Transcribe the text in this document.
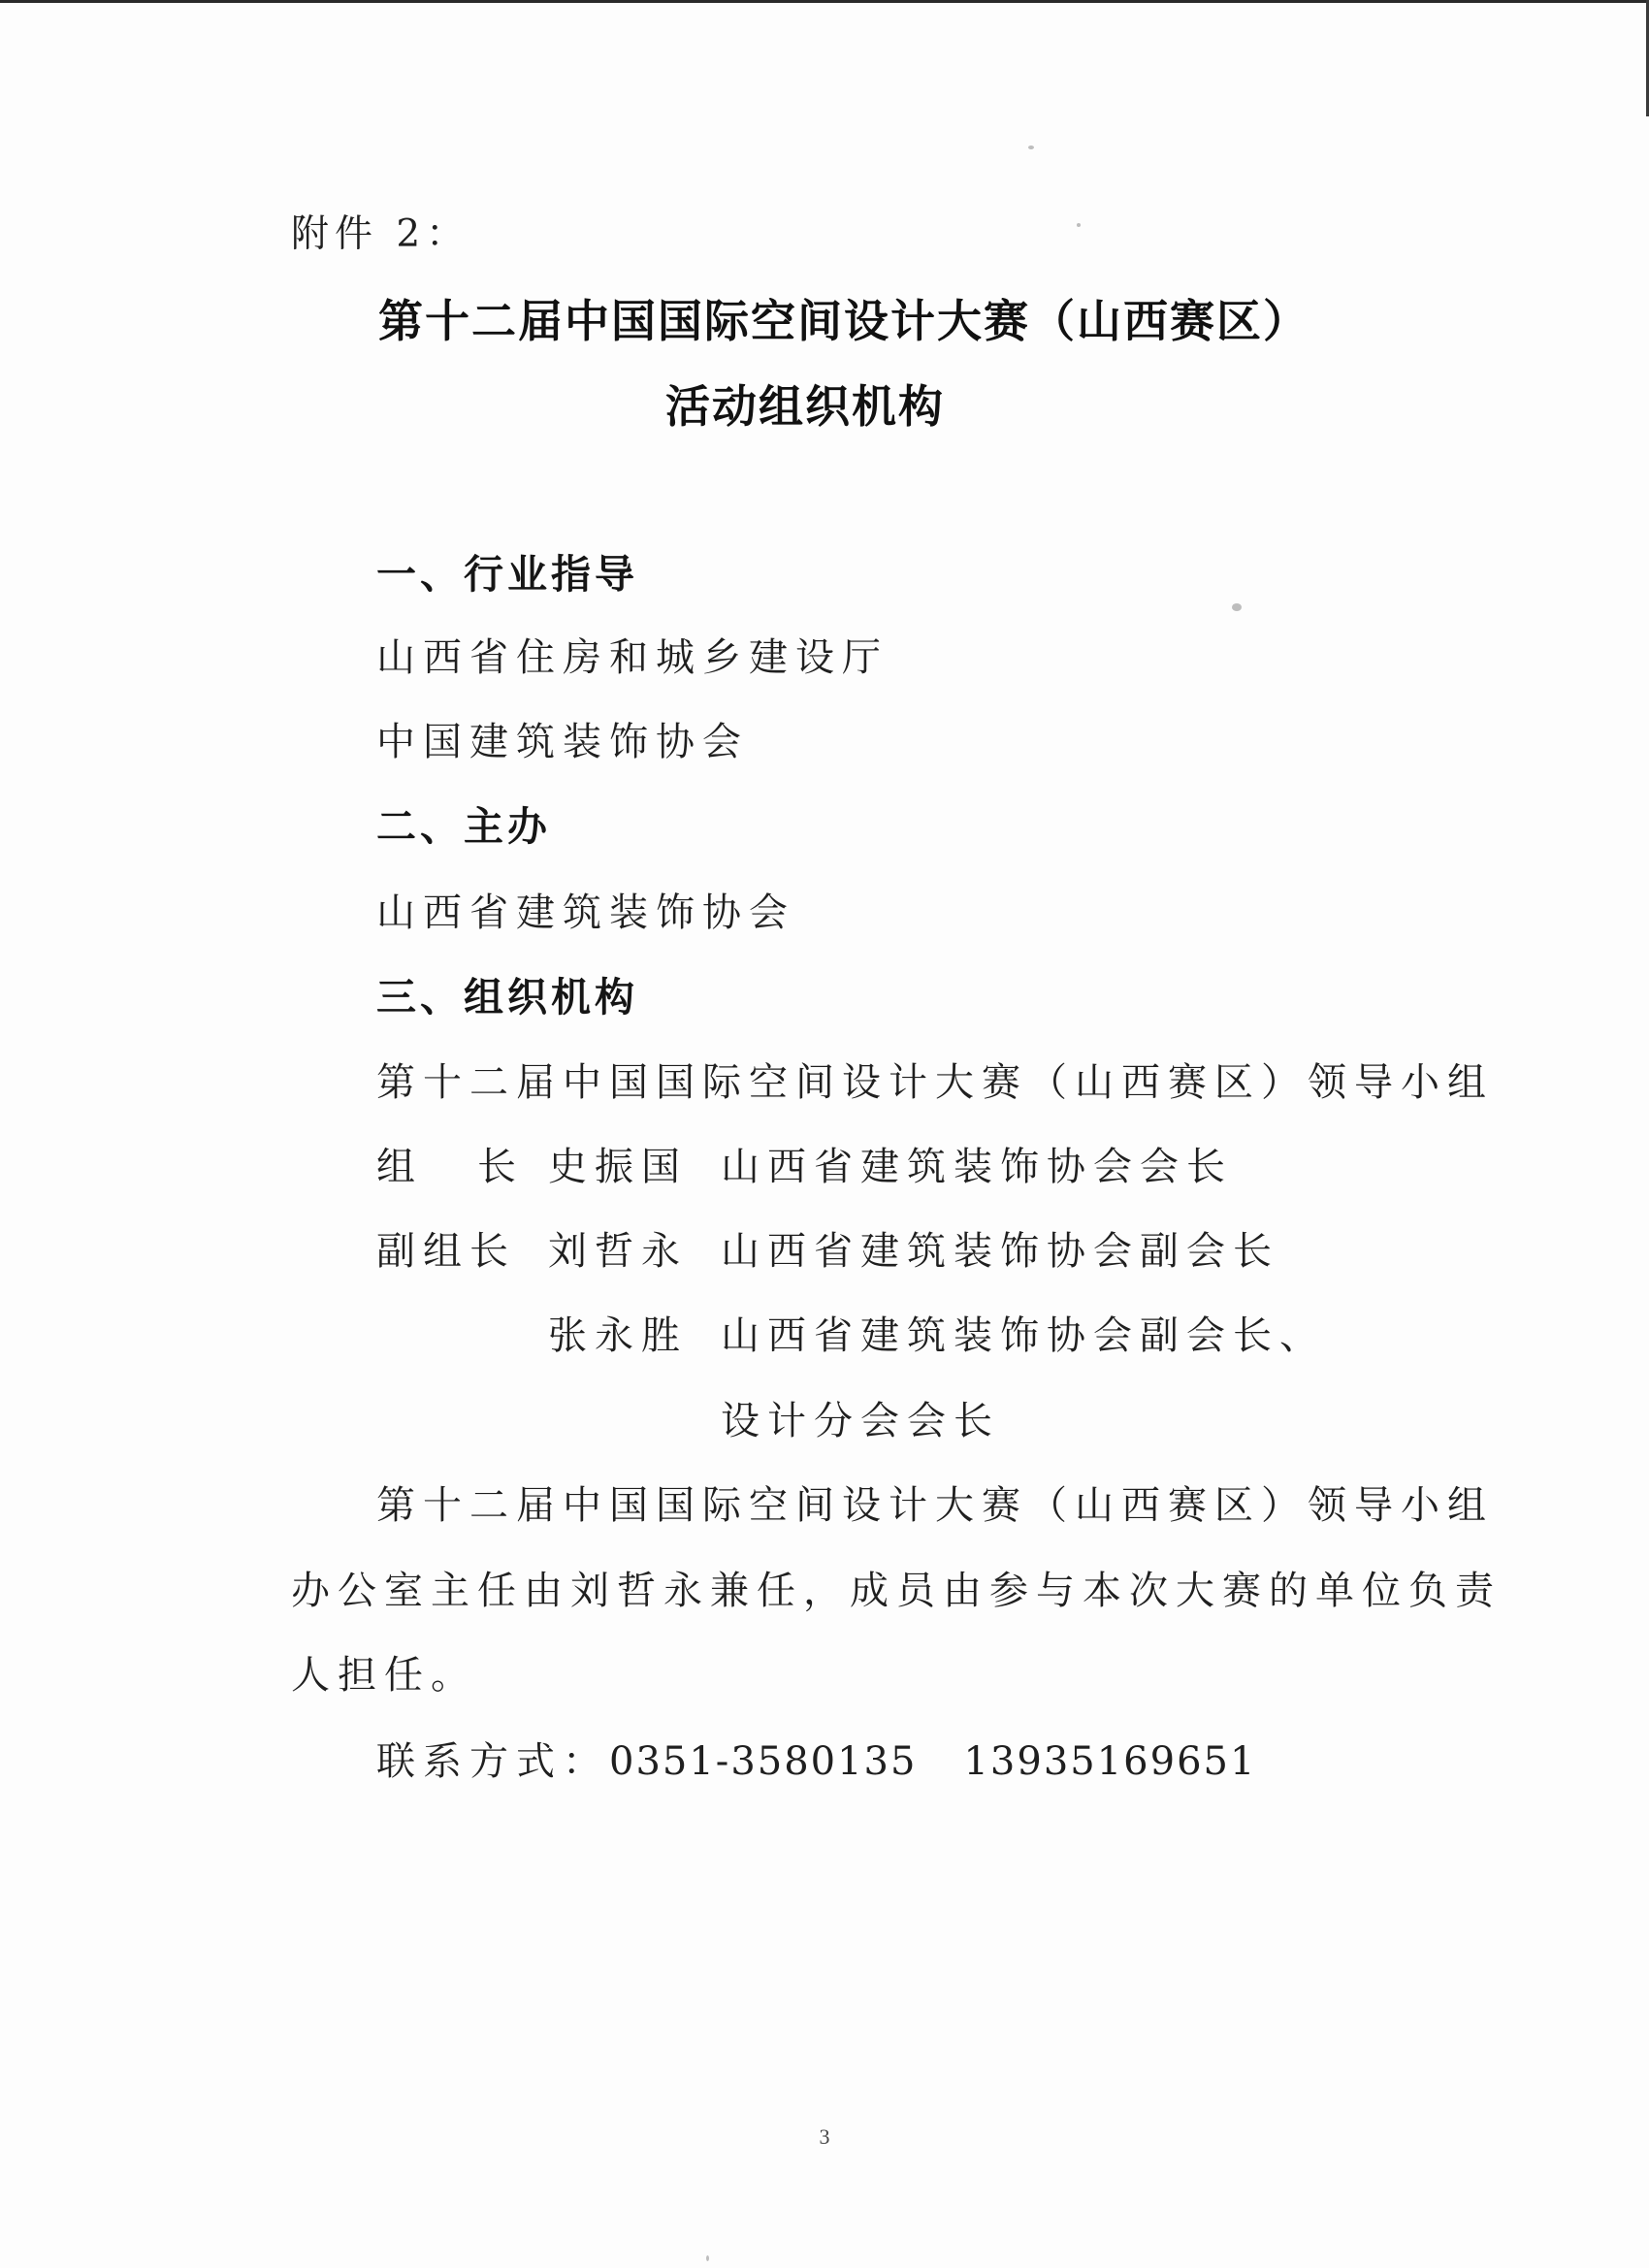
附件 2：
第十二届中国国际空间设计大赛（山西赛区）
活动组织机构
一、行业指导
山西省住房和城乡建设厅
中国建筑装饰协会
二、主办
山西省建筑装饰协会
三、组织机构
第十二届中国国际空间设计大赛（山西赛区）领导小组
组　长 史振国 山西省建筑装饰协会会长
副组长 刘哲永 山西省建筑装饰协会副会长
张永胜 山西省建筑装饰协会副会长、
设计分会会长
第十二届中国国际空间设计大赛（山西赛区）领导小组
办公室主任由刘哲永兼任，成员由参与本次大赛的单位负责
人担任。
联系方式：0351-3580135 13935169651
3
